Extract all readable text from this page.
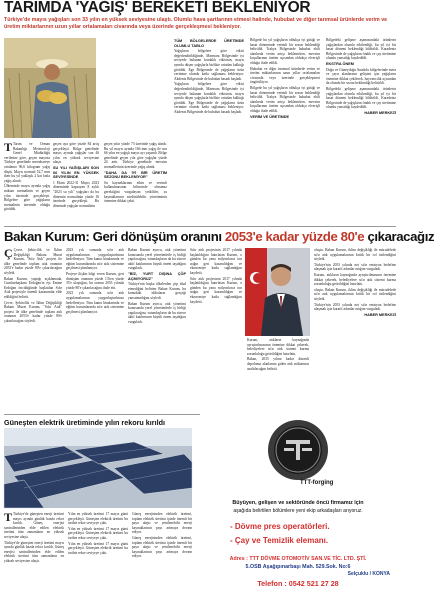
TARIMDA 'YAĞIŞ' BEREKETİ BEKLENİYOR
Türkiye'de mayıs yağışları son 33 yılın en yüksek seviyesine ulaştı. Olumlu hava şartlarının etmesi halinde, hububat ve diğer tarımsal ürünlerde verim ve üretim miktarlarının uzun yıllar ortalamaları civarında veya üzerinde gerçekleşmesi bekleniyor.

T Tarım ve Orman Bakanlığı Meteoroloji Genel Müdürlüğü verilerine göre, geçen mayısta Türkiye genelinde metrekareye ortalama 96,6 kilogram yağış düştü. Mayıs normali 52,7 mm iken bu yıl yaklaşık 2 kat fazla yağış alındı.

Ülkemizde mayıs ayında yağış miktarı normalinin ve geçen yılın üzerinde gerçekleşti. Bölgelere göre yağışların normalinin üzerinde olduğu görüldü.

geçen aya göre yüzde 84 artış gerçekleşti. Bölge genelinde mayıs ayında yağışlar son 46 yılın en yüksek seviyesine ulaştı.

SU YILI YAĞIŞLARI SON 66 YILIN EN YÜKSEK SEVİYESİNDE

1 Ekim 2022-31 Mayıs 2023 döneminde kapsayan 8 aylık "2023 su yılı" yağışları da bu dönemin normalinin yüzde 16 üzerinde gerçekleşti. Bu dönemde yağışlar normalinin

geçen yılın yüzde 73 üzerinde yağış alındı. Bu yıl mayıs ayında 166 mm yağış ile son 66 yılın en yağışlı mayıs ayı yaşandı. Bölge genelinde geçen yıla göre yağışlar yüzde 24 arttı. Türkiye genelinde mevsim normallerinin üzerinde yağış alındı.

"DAHA DA İYİ BİR ÜRETİM SEZONU BEKLENİYOR"

Su kaynaklarının etkin ve verimli kullanılmasının bilincinde olmamız gerektiğini vurgulayan yetkililer, su kaynaklarının sürdürülebilir yönetiminin önemine dikkat çekti.

TÜM BÖLGELERDE ÜRETİMDE OLUMLU TABLO

Yağışların bölgelere göre etkisi değerlendirildiğinde, Marmara Bölgesinde iyi seviyede bulunan kuraklık etkisinin, mayıs ayında düşen yağışlarla birlikte ortadan kalktığı görüldü. Ege Bölgesinde de yağışların ürün verimine olumlu katkı sağlaması bekleniyor. Akdeniz Bölgesinde de hububat hasadı başladı.

Yağışların bölgelere göre etkisi değerlendirildiğinde, Marmara Bölgesinde iyi seviyede bulunan kuraklık etkisinin, mayıs ayında düşen yağışlarla birlikte ortadan kalktığı görüldü. Ege Bölgesinde de yağışların ürün verimine olumlu katkı sağlaması bekleniyor. Akdeniz Bölgesinde de hububat hasadı başladı.

Bölgede bu yıl yağışların oldukça iyi gittiği ve hasat döneminde verimli bir sezon beklendiği belirtildi. Trakya Bölgesinde hububat ekili alanlarda verim artışı beklenirken, mevsim koşullarının üretim açısından oldukça elverişli olduğu ifade edildi.

Hububat ve diğer tarımsal ürünlerde verim ve üretim miktarlarının uzun yıllar ortalamaları civarında veya üzerinde gerçekleşmesi öngörülüyor.

Bölgede bu yıl yağışların oldukça iyi gittiği ve hasat döneminde verimli bir sezon beklendiği belirtildi. Trakya Bölgesinde hububat ekili alanlarda verim artışı beklenirken, mevsim koşullarının üretim açısından oldukça elverişli olduğu ifade edildi.

VERİM VE ÜRETİMDE

Bölgedeki gelişme aşamasındaki ürünlerin yağışlardan olumlu etkilendiği, bu yıl iyi bir hasat dönemi beklendiği bildirildi. Karadeniz Bölgesinde de yağışların fındık ve çay üretimine olumlu yansıdığı kaydedildi.

EKSTRA ÖNEM

Doğu ve Güneydoğu Anadolu bölgelerinde mera ve çayır alanlarının gelişimi için yağışların önemine dikkat çekilerek, hayvancılık açısından da olumlu bir sezon beklendiği belirtildi.

Bölgedeki gelişme aşamasındaki ürünlerin yağışlardan olumlu etkilendiği, bu yıl iyi bir hasat dönemi beklendiği bildirildi. Karadeniz Bölgesinde de yağışların fındık ve çay üretimine olumlu yansıdığı kaydedildi.

HABER MERKEZİ
Bakan Kurum: Geri dönüşüm oranını 2053'e kadar yüzde 80'e çıkaracağız

Ç Çevre, Şehircilik ve İklim Değişikliği Bakanı Murat Kurum, "Sıfır Atık" projesi ile ülke genelinde toplam atık oranının 2053'e kadar yüzde 80'e çıkarılacağını söyledi.

Bakan Kurum, yaptığı açıklamada, Cumhurbaşkanı Erdoğan'ın eşi Emine Erdoğan öncülüğünde başlatılan Sıfır Atık projesiyle önemli kazanımlar elde edildiğini belirtti.

Çevre, Şehircilik ve İklim Değişikliği Bakanı Murat Kurum, "Sıfır Atık" projesi ile ülke genelinde toplam atık oranının 2053'e kadar yüzde 80'e çıkarılacağını söyledi.

2023 yılı sonunda sıfır atık uygulamalarının yaygınlaştırılması hedefleniyor. Tüm kamu binalarında ve eğitim kurumlarında sıfır atık sistemine geçilmesi planlanıyor.

Projeye ilişkin bilgi veren Kurum, geri dönüşüm oranının yüzde 13'ten yüzde 35'e ulaştığını, bu oranın 2053 yılında yüzde 80'e çıkarılacağını ifade etti.

2023 yılı sonunda sıfır atık uygulamalarının yaygınlaştırılması hedefleniyor. Tüm kamu binalarında ve eğitim kurumlarında sıfır atık sistemine geçilmesi planlanıyor.

Bakan Kurum ayrıca, atık yönetimi konusunda yerel yönetimlerle iş birliği yapılacağını, vatandaşların da bu sürece aktif katılımının büyük önem taşıdığını vurguladı.

"BİZ, YURT DIŞINA ÇÖP AÇMIYORUZ"

Türkiye'nin başka ülkelerden çöp ithal etmediğini belirten Bakan Kurum, bu konudaki iddiaların gerçeği yansıtmadığını söyledi.

Bakan Kurum ayrıca, atık yönetimi konusunda yerel yönetimlerle iş birliği yapılacağını, vatandaşların da bu sürece aktif katılımının büyük önem taşıdığını vurguladı.

Sıfır atık projesinin 2017 yılında başlatıldığını hatırlatan Kurum, o günden bu yana milyonlarca ton atığın geri kazanıldığını ve ekonomiye katkı sağlandığını kaydetti.

Sıfır atık projesinin 2017 yılında başlatıldığını hatırlatan Kurum, o günden bu yana milyonlarca ton atığın geri kazanıldığını ve ekonomiye katkı sağlandığını kaydetti.

Kurum, atıkların kaynağında ayrıştırılmasının önemine dikkat çekerek, belediyelere sıfır atık sistemi kurma zorunluluğu getirildiğini hatırlattı.

Bakan, 2035 yılına kadar düzenli depolama alanlarına giden atık miktarının azaltılacağını belirtti.

oluştu. Bakan Kurum, iklim değişikliği ile mücadelede sıfır atık uygulamalarının kritik bir rol üstlendiğini söyledi.

Türkiye'nin 2053 yılında net sıfır emisyon hedefine ulaşmak için kararlı adımlar attığını vurguladı.

Kurum, atıkların kaynağında ayrıştırılmasının önemine dikkat çekerek, belediyelere sıfır atık sistemi kurma zorunluluğu getirildiğini hatırlattı.

oluştu. Bakan Kurum, iklim değişikliği ile mücadelede sıfır atık uygulamalarının kritik bir rol üstlendiğini söyledi.

Türkiye'nin 2053 yılında net sıfır emisyon hedefine ulaşmak için kararlı adımlar attığını vurguladı.

HABER MERKEZİ
Güneşten elektrik üretiminde yılın rekoru kırıldı

T Türkiye'de güneşten enerji üretimi mayıs ayında günlük bazda rekor kırıldı. Güneş enerjisi santrallerinden elde edilen elektrik üretimi tüm zamanların en yüksek seviyesine ulaştı.

Türkiye'de güneşten enerji üretimi mayıs ayında günlük bazda rekor kırıldı. Güneş enerjisi santrallerinden elde edilen elektrik üretimi tüm zamanların en yüksek seviyesine ulaştı.

Yılın en yüksek üretimi 17 mayıs günü gerçekleşti. Güneşten elektrik üretimi bu tarihte rekor seviyeye çıktı.

Yılın en yüksek üretimi 17 mayıs günü gerçekleşti. Güneşten elektrik üretimi bu tarihte rekor seviyeye çıktı.

Yılın en yüksek üretimi 17 mayıs günü gerçekleşti. Güneşten elektrik üretimi bu tarihte rekor seviyeye çıktı.

Güneş enerjisinden elektrik üretimi, toplam elektrik üretimi içinde önemli bir paya ulaştı ve yenilenebilir enerji kaynaklarının payı artmaya devam ediyor.

Güneş enerjisinden elektrik üretimi, toplam elektrik üretimi içinde önemli bir paya ulaştı ve yenilenebilir enerji kaynaklarının payı artmaya devam ediyor.

TTT-forging
Büyüyen, gelişen ve sektöründe öncü firmamız için
aşağıda belirtilen bölümlere yeni ekip arkadaşları arıyoruz.
- Dövme pres operatörleri.
- Çay ve Temizlik elemanı.
Adres : TTT DÖVME OTOMOTİV SAN.VE TİC. LTD. ŞTİ.
5.OSB Aşağıpınarbaşı Mah. 529.Sok. No:6
Selçuklu / KONYA
Telefon : 0542 521 27 28
